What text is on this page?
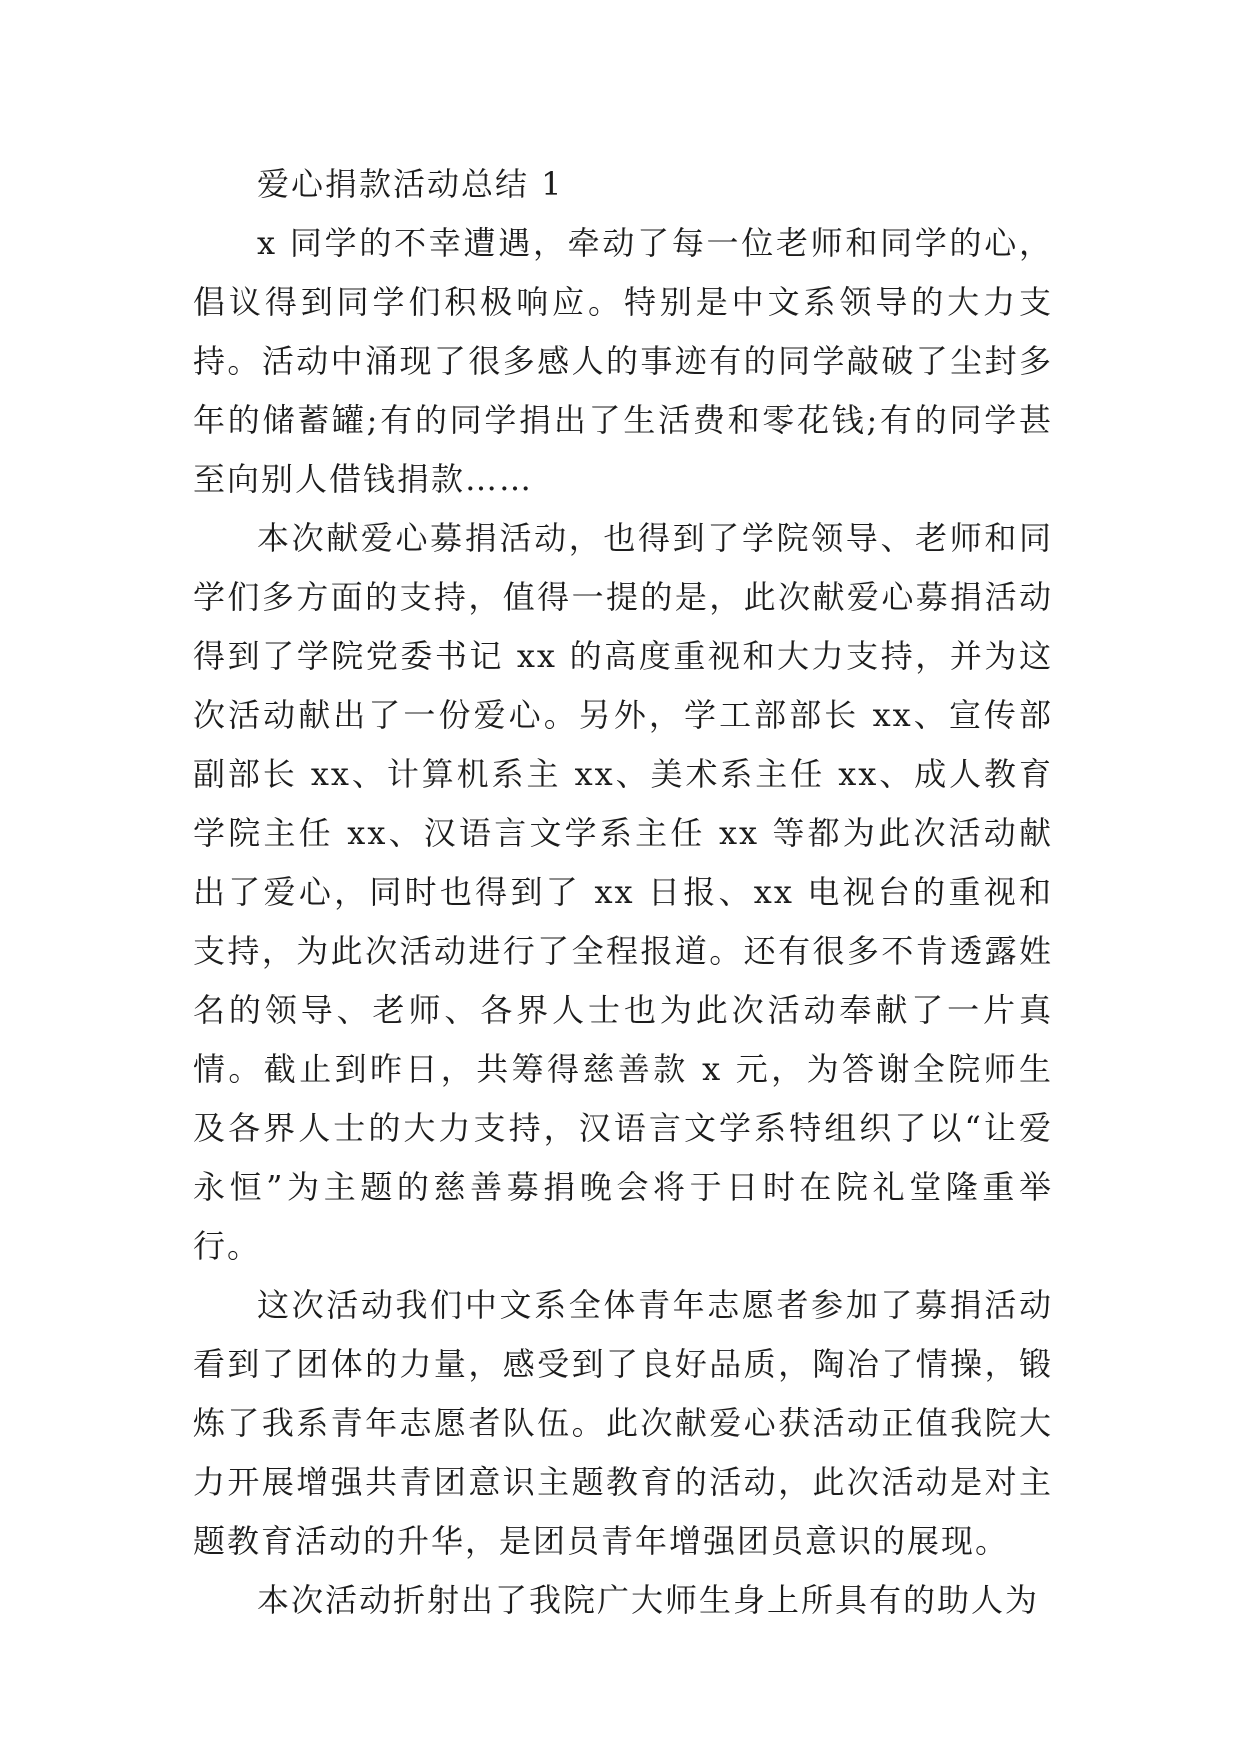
爱心捐款活动总结 1

x 同学的不幸遭遇，牵动了每一位老师和同学的心，倡议得到同学们积极响应。特别是中文系领导的大力支持。活动中涌现了很多感人的事迹有的同学敲破了尘封多年的储蓄罐;有的同学捐出了生活费和零花钱;有的同学甚至向别人借钱捐款……

本次献爱心募捐活动，也得到了学院领导、老师和同学们多方面的支持，值得一提的是，此次献爱心募捐活动得到了学院党委书记 xx 的高度重视和大力支持，并为这次活动献出了一份爱心。另外，学工部部长 xx、宣传部副部长 xx、计算机系主 xx、美术系主任 xx、成人教育学院主任 xx、汉语言文学系主任 xx 等都为此次活动献出了爱心，同时也得到了 xx 日报、xx 电视台的重视和支持，为此次活动进行了全程报道。还有很多不肯透露姓名的领导、老师、各界人士也为此次活动奉献了一片真情。截止到昨日，共筹得慈善款 x 元，为答谢全院师生及各界人士的大力支持，汉语言文学系特组织了以“让爱永恒”为主题的慈善募捐晚会将于日时在院礼堂隆重举行。

这次活动我们中文系全体青年志愿者参加了募捐活动看到了团体的力量，感受到了良好品质，陶冶了情操，锻炼了我系青年志愿者队伍。此次献爱心获活动正值我院大力开展增强共青团意识主题教育的活动，此次活动是对主题教育活动的升华，是团员青年增强团员意识的展现。

本次活动折射出了我院广大师生身上所具有的助人为
